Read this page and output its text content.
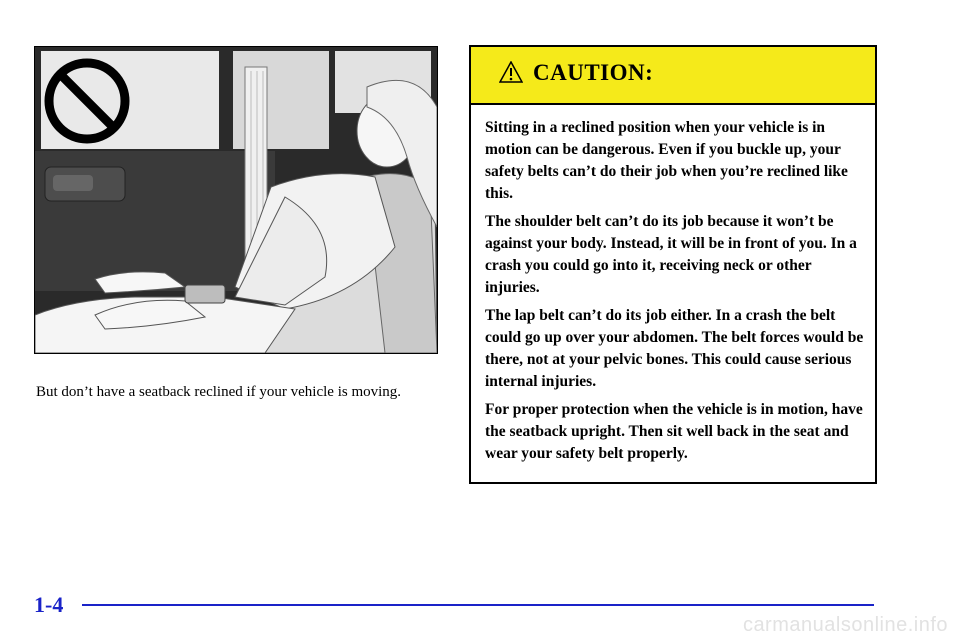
But don’t have a seatback reclined if your vehicle is moving.
CAUTION:

Sitting in a reclined position when your vehicle is in motion can be dangerous. Even if you buckle up, your safety belts can’t do their job when you’re reclined like this.

The shoulder belt can’t do its job because it won’t be against your body. Instead, it will be in front of you. In a crash you could go into it, receiving neck or other injuries.

The lap belt can’t do its job either. In a crash the belt could go up over your abdomen. The belt forces would be there, not at your pelvic bones. This could cause serious internal injuries.

For proper protection when the vehicle is in motion, have the seatback upright. Then sit well back in the seat and wear your safety belt properly.

1-4
carmanualsonline.info
